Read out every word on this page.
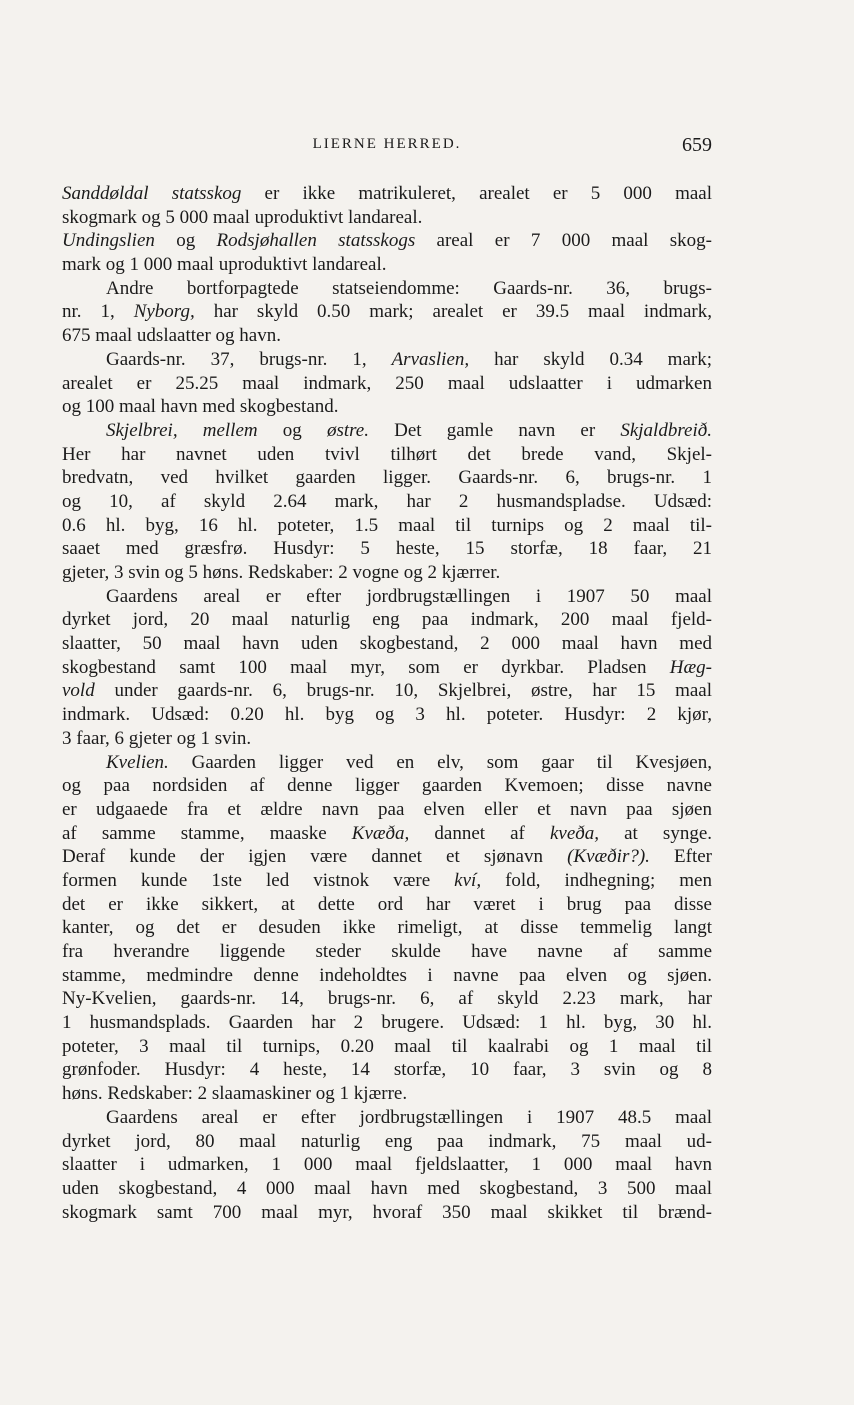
LIERNE HERRED.	659
Sanddøldal statsskog er ikke matrikuleret, arealet er 5 000 maal
skogmark og 5 000 maal uproduktivt landareal.
Undingslien og Rodsjøhallen statsskogs areal er 7 000 maal skog-
mark og 1 000 maal uproduktivt landareal.
Andre bortforpagtede statseiendomme: Gaards-nr. 36, brugs-
nr. 1, Nyborg, har skyld 0.50 mark; arealet er 39.5 maal indmark,
675 maal udslaatter og havn.
Gaards-nr. 37, brugs-nr. 1, Arvaslien, har skyld 0.34 mark;
arealet er 25.25 maal indmark, 250 maal udslaatter i udmarken
og 100 maal havn med skogbestand.
Skjelbrei, mellem og østre. Det gamle navn er Skjaldbreið.
Her har navnet uden tvivl tilhørt det brede vand, Skjel-
bredvatn, ved hvilket gaarden ligger. Gaards-nr. 6, brugs-nr. 1
og 10, af skyld 2.64 mark, har 2 husmandspladse. Udsæd:
0.6 hl. byg, 16 hl. poteter, 1.5 maal til turnips og 2 maal til-
saaet med græsfrø. Husdyr: 5 heste, 15 storfæ, 18 faar, 21
gjeter, 3 svin og 5 høns. Redskaber: 2 vogne og 2 kjærrer.
Gaardens areal er efter jordbrugstællingen i 1907 50 maal
dyrket jord, 20 maal naturlig eng paa indmark, 200 maal fjeld-
slaatter, 50 maal havn uden skogbestand, 2 000 maal havn med
skogbestand samt 100 maal myr, som er dyrkbar. Pladsen Hæg-
vold under gaards-nr. 6, brugs-nr. 10, Skjelbrei, østre, har 15 maal
indmark. Udsæd: 0.20 hl. byg og 3 hl. poteter. Husdyr: 2 kjør,
3 faar, 6 gjeter og 1 svin.
Kvelien. Gaarden ligger ved en elv, som gaar til Kvesjøen,
og paa nordsiden af denne ligger gaarden Kvemoen; disse navne
er udgaaede fra et ældre navn paa elven eller et navn paa sjøen
af samme stamme, maaske Kvæða, dannet af kveða, at synge.
Deraf kunde der igjen være dannet et sjønavn (Kvæðir?). Efter
formen kunde 1ste led vistnok være kví, fold, indhegning; men
det er ikke sikkert, at dette ord har været i brug paa disse
kanter, og det er desuden ikke rimeligt, at disse temmelig langt
fra hverandre liggende steder skulde have navne af samme
stamme, medmindre denne indeholdtes i navne paa elven og sjøen.
Ny-Kvelien, gaards-nr. 14, brugs-nr. 6, af skyld 2.23 mark, har
1 husmandsplads. Gaarden har 2 brugere. Udsæd: 1 hl. byg, 30 hl.
poteter, 3 maal til turnips, 0.20 maal til kaalrabi og 1 maal til
grønfoder. Husdyr: 4 heste, 14 storfæ, 10 faar, 3 svin og 8
høns. Redskaber: 2 slaamaskiner og 1 kjærre.
Gaardens areal er efter jordbrugstællingen i 1907 48.5 maal
dyrket jord, 80 maal naturlig eng paa indmark, 75 maal ud-
slaatter i udmarken, 1 000 maal fjeldslaatter, 1 000 maal havn
uden skogbestand, 4 000 maal havn med skogbestand, 3 500 maal
skogmark samt 700 maal myr, hvoraf 350 maal skikket til brænd-
